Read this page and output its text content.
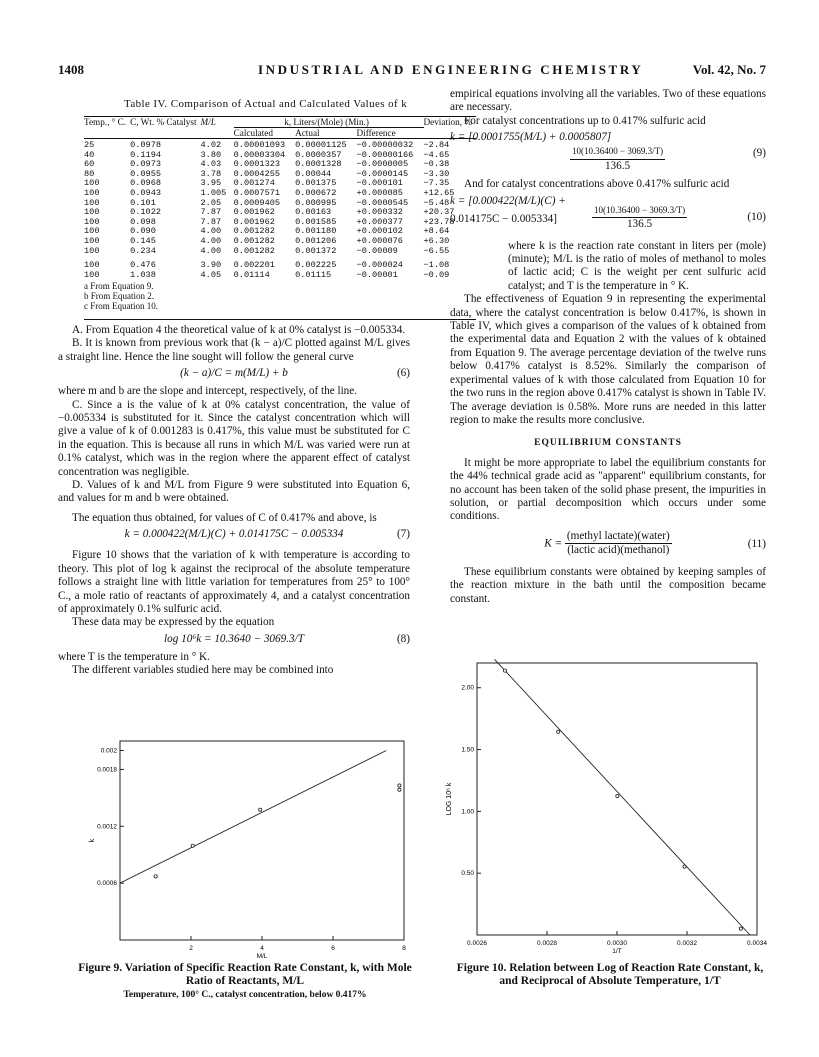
1408	INDUSTRIAL AND ENGINEERING CHEMISTRY	Vol. 42, No. 7
Table IV. Comparison of Actual and Calculated Values of k
Temp., ° C.	C, Wt. % Catalyst	M/L	k, Liters/(Mole) (Min.)			Deviation, %
			Calculated	Actual	Difference	

25	0.0978	4.02	0.00001093	0.00001125	−0.00000032	−2.84
40	0.1194	3.80	0.00003304	0.0000357	−0.00000166	−4.65
60	0.0973	4.03	0.0001323	0.0001328	−0.0000005	−0.38
80	0.0955	3.78	0.0004255	0.00044	−0.0000145	−3.30
100	0.0968	3.95	0.001274	0.001375	−0.000101	−7.35
100	0.0943	1.005	0.0007571	0.000672	+0.000085	+12.65
100	0.101	2.05	0.0009405	0.000995	−0.0000545	−5.48
100	0.1022	7.87	0.001962	0.00163	+0.000332	+20.37
100	0.098	7.87	0.001962	0.001585	+0.000377	+23.78
100	0.090	4.00	0.001282	0.001180	+0.000102	+8.64
100	0.145	4.00	0.001282	0.001206	+0.000076	+6.30
100	0.234	4.00	0.001282	0.001372	−0.00009	−6.55
100	0.476	3.90	0.002201	0.002225	−0.000024	−1.08
100	1.038	4.05	0.01114	0.01115	−0.00001	−0.09
a From Equation 9.
b From Equation 2.
c From Equation 10.

A. From Equation 4 the theoretical value of k at 0% catalyst is −0.005334.

B. It is known from previous work that (k − a)/C plotted against M/L gives a straight line. Hence the line sought will follow the general curve

(k − a)/C = m(M/L) + b	(6)

where m and b are the slope and intercept, respectively, of the line.

C. Since a is the value of k at 0% catalyst concentration, the value of −0.005334 is substituted for it. Since the catalyst concentration which will give a value of k of 0.001283 is 0.417%, this value must be substituted for C in the equation. This is because all runs in which M/L was varied were run at 0.1% catalyst, which was in the region where the apparent effect of catalyst concentration was negligible.

D. Values of k and M/L from Figure 9 were substituted into Equation 6, and values for m and b were obtained.

The equation thus obtained, for values of C of 0.417% and above, is

k = 0.000422(M/L)(C) + 0.014175C − 0.005334	(7)

Figure 10 shows that the variation of k with temperature is according to theory. This plot of log k against the reciprocal of the absolute temperature follows a straight line with little variation for temperatures from 25° to 100° C., a mole ratio of reactants of approximately 4, and a catalyst concentration of approximately 0.1% sulfuric acid.

These data may be expressed by the equation

log 10⁶k = 10.3640 − 3069.3/T	(8)

where T is the temperature in ° K.

The different variables studied here may be combined into

empirical equations involving all the variables. Two of these equations are necessary.

For catalyst concentrations up to 0.417% sulfuric acid

k = [0.0001755(M/L) + 0.0005807]
$\frac{10(10.36400 - 3069.3/T)}{136.5}$	(9)

And for catalyst concentrations above 0.417% sulfuric acid

k = [0.000422(M/L)(C) +
0.014175C − 0.005334]	$\frac{10(10.36400 - 3069.3/T)}{136.5}$	(10)

where k is the reaction rate constant in liters per (mole)(minute); M/L is the ratio of moles of methanol to moles of lactic acid; C is the weight per cent sulfuric acid catalyst; and T is the temperature in ° K.

The effectiveness of Equation 9 in representing the experimental data, where the catalyst concentration is below 0.417%, is shown in Table IV, which gives a comparison of the values of k obtained from the experimental data and Equation 2 with the values of k obtained from Equation 9. The average percentage deviation of the twelve runs below 0.417% catalyst is 8.52%. Similarly the comparison of experimental values of k with those calculated from Equation 10 for the two runs in the region above 0.417% catalyst is shown in Table IV. The average deviation is 0.58%. More runs are needed in this latter region to make the results more conclusive.

EQUILIBRIUM CONSTANTS

It might be more appropriate to label the equilibrium constants for the 44% technical grade acid as "apparent" equilibrium constants, for no account has been taken of the solid phase present, the impurities in solution, or partial decomposition which occurs under some conditions.

$K = \frac{\text{(methyl lactate)(water)}}{\text{(lactic acid)(methanol)}}$	(11)

These equilibrium constants were obtained by keeping samples of the reaction mixture in the bath until the composition became constant.

2	4	6	8
0.0006
0.0012
0.0018
0.002
M/L
k
Figure 9. Variation of Specific Reaction Rate Constant, k, with Mole Ratio of Reactants, M/L
Temperature, 100° C., catalyst concentration, below 0.417%
0.0026	0.0028	0.0030	0.0032	0.0034
0.50
1.00
1.50
2.00
1/T
LOG 10⁶ k
Figure 10. Relation between Log of Reaction Rate Constant, k, and Reciprocal of Absolute Temperature, 1/T
